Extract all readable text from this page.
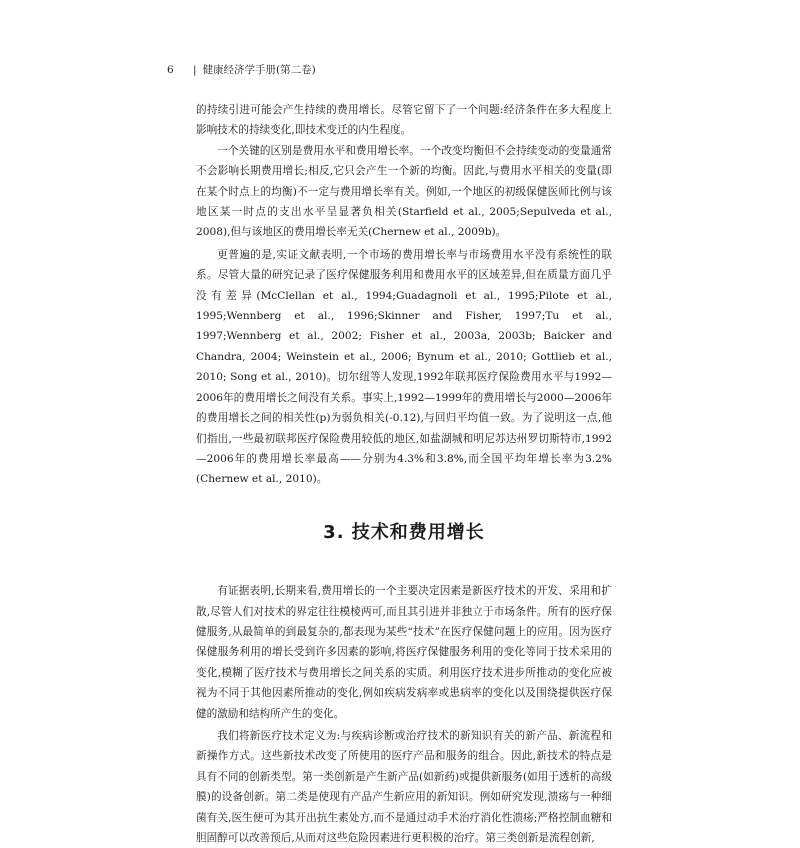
6 | 健康经济学手册(第二卷)

的持续引进可能会产生持续的费用增长。尽管它留下了一个问题:经济条件在多大程度上影响技术的持续变化,即技术变迁的内生程度。

一个关键的区别是费用水平和费用增长率。一个改变均衡但不会持续变动的变量通常不会影响长期费用增长;相反,它只会产生一个新的均衡。因此,与费用水平相关的变量(即在某个时点上的均衡)不一定与费用增长率有关。例如,一个地区的初级保健医师比例与该地区某一时点的支出水平呈显著负相关(Starfield et al., 2005;Sepulveda et al., 2008),但与该地区的费用增长率无关(Chernew et al., 2009b)。

更普遍的是,实证文献表明,一个市场的费用增长率与市场费用水平没有系统性的联系。尽管大量的研究记录了医疗保健服务利用和费用水平的区域差异,但在质量方面几乎没有差异(McClellan et al., 1994;Guadagnoli et al., 1995;Pilote et al., 1995;Wennberg et al., 1996;Skinner and Fisher, 1997;Tu et al., 1997;Wennberg et al., 2002; Fisher et al., 2003a, 2003b; Baicker and Chandra, 2004; Weinstein et al., 2006; Bynum et al., 2010; Gottlieb et al., 2010; Song et al., 2010)。切尔纽等人发现,1992年联邦医疗保险费用水平与1992—2006年的费用增长之间没有关系。事实上,1992—1999年的费用增长与2000—2006年的费用增长之间的相关性(p)为弱负相关(-0.12),与回归平均值一致。为了说明这一点,他们指出,一些最初联邦医疗保险费用较低的地区,如盐湖城和明尼苏达州罗切斯特市,1992—2006年的费用增长率最高——分别为4.3%和3.8%,而全国平均年增长率为3.2%(Chernew et al., 2010)。

3. 技术和费用增长

有证据表明,长期来看,费用增长的一个主要决定因素是新医疗技术的开发、采用和扩散,尽管人们对技术的界定往往模棱两可,而且其引进并非独立于市场条件。所有的医疗保健服务,从最简单的到最复杂的,都表现为某些“技术”在医疗保健问题上的应用。因为医疗保健服务利用的增长受到许多因素的影响,将医疗保健服务利用的变化等同于技术采用的变化,模糊了医疗技术与费用增长之间关系的实质。利用医疗技术进步所推动的变化应被视为不同于其他因素所推动的变化,例如疾病发病率或患病率的变化以及围绕提供医疗保健的激励和结构所产生的变化。

我们将新医疗技术定义为:与疾病诊断或治疗技术的新知识有关的新产品、新流程和新操作方式。这些新技术改变了所使用的医疗产品和服务的组合。因此,新技术的特点是具有不同的创新类型。第一类创新是产生新产品(如新药)或提供新服务(如用于透析的高级膜)的设备创新。第二类是使现有产品产生新应用的新知识。例如研究发现,溃疡与一种细菌有关,医生便可为其开出抗生素处方,而不是通过动手术治疗消化性溃疡;严格控制血糖和胆固醇可以改善预后,从而对这些危险因素进行更积极的治疗。第三类创新是流程创新,
